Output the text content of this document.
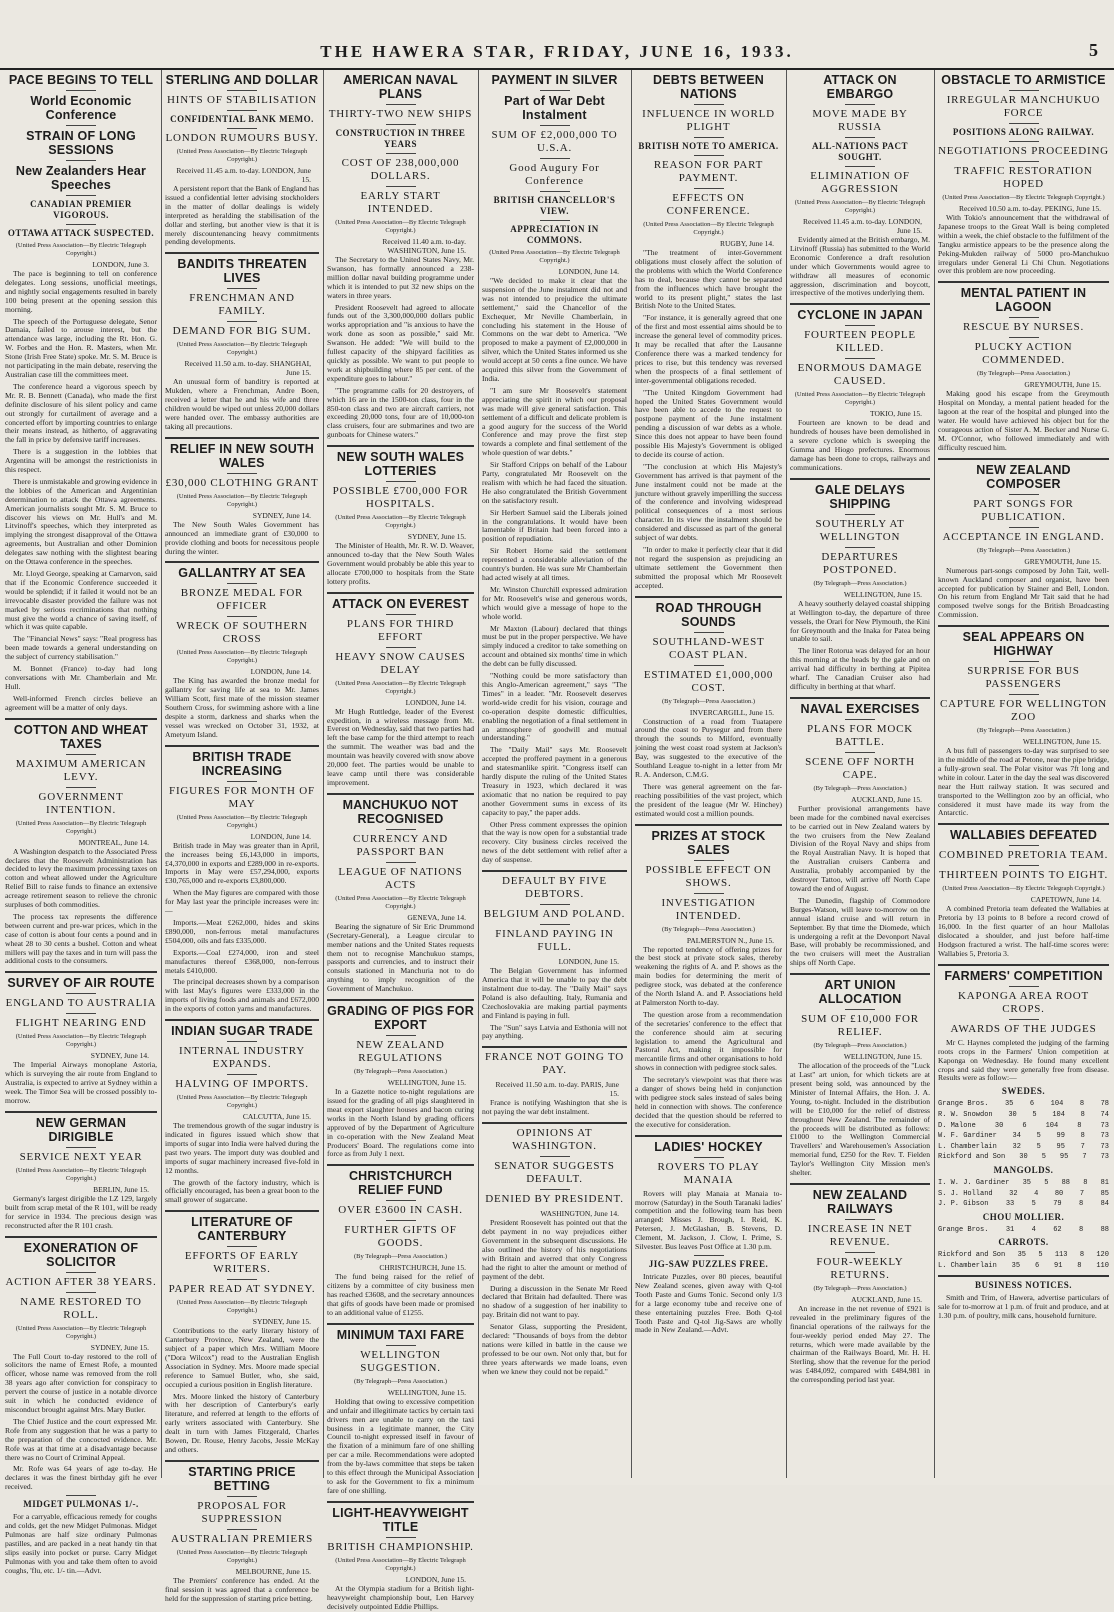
THE HAWERA STAR, FRIDAY, JUNE 16, 1933.	5
PACE BEGINS TO TELL
World Economic Conference
STRAIN OF LONG SESSIONS
New Zealanders Hear Speeches
CANADIAN PREMIER VIGOROUS.
OTTAWA ATTACK SUSPECTED.
(United Press Association—By Electric Telegraph Copyright.)
LONDON, June 3.
The pace is beginning to tell on conference delegates. Long sessions, unofficial meetings, and nightly social engagements resulted in barely 100 being present at the opening session this morning.
The speech of the Portuguese delegate, Senor Damaia, failed to arouse interest, but the attendance was large, including the Rt. Hon. G. W. Forbes and the Hon. R. Masters, when Mr. Stone (Irish Free State) spoke. Mr. S. M. Bruce is not participating in the main debate, reserving the Australian case till the committees meet.
The conference heard a vigorous speech by Mr. R. B. Bennett (Canada), who made the first definite disclosure of his silent policy and came out strongly for curtailment of average and a concerted effort by importing countries to enlarge their means instead, as hitherto, of aggravating the fall in price by defensive tariff increases.
There is a suggestion in the lobbies that Argentina will be amongst the restrictionists in this respect.
There is unmistakable and growing evidence in the lobbies of the American and Argentinian determination to attack the Ottawa agreements. American journalists sought Mr. S. M. Bruce to discover his views on Mr. Hull's and M. Litvinoff's speeches, which they interpreted as implying the strongest disapproval of the Ottawa agreements, but Australian and other Dominion delegates saw nothing with the slightest bearing on the Ottawa conference in the speeches.
Mr. Lloyd George, speaking at Carnarvon, said that if the Economic Conference succeeded it would be splendid; if it failed it would not be an irrevocable disaster provided the failure was not marked by serious recriminations that nothing must give the world a chance of saving itself, of which it was quite capable.
The "Financial News" says: "Real progress has been made towards a general understanding on the subject of currency stabilisation."
M. Bonnet (France) to-day had long conversations with Mr. Chamberlain and Mr. Hull.
Well-informed French circles believe an agreement will be a matter of only days.
COTTON AND WHEAT TAXES
MAXIMUM AMERICAN LEVY.
GOVERNMENT INTENTION.
(United Press Association—By Electric Telegraph Copyright.)
MONTREAL, June 14.
A Washington despatch to the Associated Press declares that the Roosevelt Administration has decided to levy the maximum processing taxes on cotton and wheat allowed under the Agriculture Relief Bill to raise funds to finance an extensive acreage retirement season to relieve the chronic surpluses of both commodities.
The process tax represents the difference between current and pre-war prices, which in the case of cotton is about four cents a pound and in wheat 28 to 30 cents a bushel. Cotton and wheat millers will pay the taxes and in turn will pass the additional costs to the consumers.
SURVEY OF AIR ROUTE
ENGLAND TO AUSTRALIA
FLIGHT NEARING END
(United Press Association—By Electric Telegraph Copyright.)
SYDNEY, June 14.
The Imperial Airways monoplane Astoria, which is surveying the air route from England to Australia, is expected to arrive at Sydney within a week. The Timor Sea will be crossed possibly to-morrow.
NEW GERMAN DIRIGIBLE
SERVICE NEXT YEAR
(United Press Association—By Electric Telegraph Copyright.)
BERLIN, June 15.
Germany's largest dirigible the LZ 129, largely built from scrap metal of the R 101, will be ready for service in 1934. The precious design was reconstructed after the R 101 crash.
EXONERATION OF SOLICITOR
ACTION AFTER 38 YEARS.
NAME RESTORED TO ROLL.
(United Press Association—By Electric Telegraph Copyright.)
SYDNEY, June 15.
The Full Court to-day restored to the roll of solicitors the name of Ernest Rofe, a mounted officer, whose name was removed from the roll 38 years ago after conviction for conspiracy to pervert the course of justice in a notable divorce suit in which he conducted evidence of misconduct brought against Mrs. Mary Butler.
The Chief Justice and the court expressed Mr. Rofe from any suggestion that he was a party to the preparation of the concocted evidence. Mr. Rofe was at that time at a disadvantage because there was no Court of Criminal Appeal.
Mr. Rofe was 64 years of age to-day. He declares it was the finest birthday gift he ever received.
MIDGET PULMONAS 1/-.
For a carryable, efficacious remedy for coughs and colds, get the new Midget Pulmonas. Midget Pulmonas are half size ordinary Pulmonas pastilles, and are packed in a neat handy tin that slips easily into pocket or purse. Carry Midget Pulmonas with you and take them often to avoid coughs, 'flu, etc. 1/- tin.—Advt.
STERLING AND DOLLAR
HINTS OF STABILISATION
CONFIDENTIAL BANK MEMO.
LONDON RUMOURS BUSY.
(United Press Association—By Electric Telegraph Copyright.)
Received 11.45 a.m. to-day. LONDON, June 15.
A persistent report that the Bank of England has issued a confidential letter advising stockholders in the matter of dollar dealings is widely interpreted as heralding the stabilisation of the dollar and sterling, but another view is that it is merely discountenancing heavy commitments pending developments.
BANDITS THREATEN LIVES
FRENCHMAN AND FAMILY.
DEMAND FOR BIG SUM.
(United Press Association—By Electric Telegraph Copyright.)
Received 11.50 a.m. to-day. SHANGHAI, June 15.
An unusual form of banditry is reported at Mukden, where a Frenchman, Andre Boen, received a letter that he and his wife and three children would be wiped out unless 20,000 dollars were handed over. The embassy authorities are taking all precautions.
RELIEF IN NEW SOUTH WALES
£30,000 CLOTHING GRANT
(United Press Association—By Electric Telegraph Copyright.)
SYDNEY, June 14.
The New South Wales Government has announced an immediate grant of £30,000 to provide clothing and boots for necessitous people during the winter.
GALLANTRY AT SEA
BRONZE MEDAL FOR OFFICER
WRECK OF SOUTHERN CROSS
(United Press Association—By Electric Telegraph Copyright.)
LONDON, June 14.
The King has awarded the bronze medal for gallantry for saving life at sea to Mr. James William Scott, first mate of the mission steamer Southern Cross, for swimming ashore with a line despite a storm, darkness and sharks when the vessel was wrecked on October 31, 1932, at Ametyum Island.
BRITISH TRADE INCREASING
FIGURES FOR MONTH OF MAY
(United Press Association—By Electric Telegraph Copyright.)
LONDON, June 14.
British trade in May was greater than in April, the increases being £6,143,000 in imports, £4,370,000 in exports and £289,000 in re-exports. Imports in May were £57,294,000, exports £30,765,000 and re-exports £3,800,000.
When the May figures are compared with those for May last year the principle increases were in:—
Imports.—Meat £262,000, hides and skins £890,000, non-ferrous metal manufactures £504,000, oils and fats £335,000.
Exports.—Coal £274,000, iron and steel manufactures thereof £368,000, non-ferrous metals £410,000.
The principal decreases shown by a comparison with last May's figures were £333,000 in the imports of living foods and animals and £672,000 in the exports of cotton yarns and manufactures.
INDIAN SUGAR TRADE
INTERNAL INDUSTRY EXPANDS.
HALVING OF IMPORTS.
(United Press Association—By Electric Telegraph Copyright.)
CALCUTTA, June 15.
The tremendous growth of the sugar industry is indicated in figures issued which show that imports of sugar into India were halved during the past two years. The import duty was doubled and imports of sugar machinery increased five-fold in 12 months.
The growth of the factory industry, which is officially encouraged, has been a great boon to the small grower of sugarcane.
LITERATURE OF CANTERBURY
EFFORTS OF EARLY WRITERS.
PAPER READ AT SYDNEY.
(United Press Association—By Electric Telegraph Copyright.)
SYDNEY, June 15.
Contributions to the early literary history of Canterbury Province, New Zealand, were the subject of a paper which Mrs. William Moore ("Dora Wilcox") read to the Australian English Association in Sydney. Mrs. Moore made special reference to Samuel Butler, who, she said, occupied a curious position in English literature.
Mrs. Moore linked the history of Canterbury with her description of Canterbury's early literature, and referred at length to the efforts of early writers associated with Canterbury. She dealt in turn with James Fitzgerald, Charles Bowen, Dr. Rouse, Henry Jacobs, Jessie McKay and others.
STARTING PRICE BETTING
PROPOSAL FOR SUPPRESSION
AUSTRALIAN PREMIERS
(United Press Association—By Electric Telegraph Copyright.)
MELBOURNE, June 15.
The Premiers' conference has ended. At the final session it was agreed that a conference be held for the suppression of starting price betting.
AMERICAN NAVAL PLANS
THIRTY-TWO NEW SHIPS
CONSTRUCTION IN THREE YEARS
COST OF 238,000,000 DOLLARS.
EARLY START INTENDED.
(United Press Association—By Electric Telegraph Copyright.)
Received 11.40 a.m. to-day. WASHINGTON, June 15.
The Secretary to the United States Navy, Mr. Swanson, has formally announced a 238-million dollar naval building programme under which it is intended to put 32 new ships on the waters in three years.
President Roosevelt had agreed to allocate funds out of the 3,300,000,000 dollars public works appropriation and "is anxious to have the work done as soon as possible," said Mr. Swanson. He added: "We will build to the fullest capacity of the shipyard facilities as quickly as possible. We want to put people to work at shipbuilding where 85 per cent. of the expenditure goes to labour."
"The programme calls for 20 destroyers, of which 16 are in the 1500-ton class, four in the 850-ton class and two are aircraft carriers, not exceeding 20,000 tons, four are of 10,000-ton class cruisers, four are submarines and two are gunboats for Chinese waters."
NEW SOUTH WALES LOTTERIES
POSSIBLE £700,000 FOR HOSPITALS.
(United Press Association—By Electric Telegraph Copyright.)
SYDNEY, June 15.
The Minister of Health, Mr. R. W. D. Weaver, announced to-day that the New South Wales Government would probably be able this year to allocate £700,000 to hospitals from the State lottery profits.
ATTACK ON EVEREST
PLANS FOR THIRD EFFORT
HEAVY SNOW CAUSES DELAY
(United Press Association—By Electric Telegraph Copyright.)
LONDON, June 14.
Mr Hugh Ruttledge, leader of the Everest expedition, in a wireless message from Mt. Everest on Wednesday, said that two parties had left the base camp for the third attempt to reach the summit. The weather was bad and the mountain was heavily covered with snow above 20,000 feet. The parties would be unable to leave camp until there was considerable improvement.
MANCHUKUO NOT RECOGNISED
CURRENCY AND PASSPORT BAN
LEAGUE OF NATIONS ACTS
(United Press Association—By Electric Telegraph Copyright.)
GENEVA, June 14.
Bearing the signature of Sir Eric Drummond (Secretary-General), a League circular to member nations and the United States requests them not to recognise Manchukuo stamps, passports and currencies, and to instruct their consuls stationed in Manchuria not to do anything to imply recognition of the Government of Manchukuo.
GRADING OF PIGS FOR EXPORT
NEW ZEALAND REGULATIONS
(By Telegraph—Press Association.)
WELLINGTON, June 15.
In a Gazette notice to-night regulations are issued for the grading of all pigs slaughtered in meat export slaughter houses and bacon curing works in the North Island by grading officers approved of by the Department of Agriculture in co-operation with the New Zealand Meat Producers' Board. The regulations come into force as from July 1 next.
CHRISTCHURCH RELIEF FUND
OVER £3600 IN CASH.
FURTHER GIFTS OF GOODS.
(By Telegraph—Press Association.)
CHRISTCHURCH, June 15.
The fund being raised for the relief of citizens by a committee of city business men has reached £3608, and the secretary announces that gifts of goods have been made or promised to an additional value of £1255.
MINIMUM TAXI FARE
WELLINGTON SUGGESTION.
(By Telegraph—Press Association.)
WELLINGTON, June 15.
Holding that owing to excessive competition and unfair and illegitimate tactics by certain taxi drivers men are unable to carry on the taxi business in a legitimate manner, the City Council to-night expressed itself in favour of the fixation of a minimum fare of one shilling per car a mile. Recommendations were adopted from the by-laws committee that steps be taken to this effect through the Municipal Association to ask for the Government to fix a minimum fare of one shilling.
LIGHT-HEAVYWEIGHT TITLE
BRITISH CHAMPIONSHIP.
(United Press Association—By Electric Telegraph Copyright.)
LONDON, June 15.
At the Olympia stadium for a British light-heavyweight championship bout, Len Harvey decisively outpointed Eddie Phillips.
PAYMENT IN SILVER
Part of War Debt Instalment
SUM OF £2,000,000 TO U.S.A.
Good Augury For Conference
BRITISH CHANCELLOR'S VIEW.
APPRECIATION IN COMMONS.
(United Press Association—By Electric Telegraph Copyright.)
LONDON, June 14.
"We decided to make it clear that the suspension of the June instalment did not and was not intended to prejudice the ultimate settlement," said the Chancellor of the Exchequer, Mr Neville Chamberlain, in concluding his statement in the House of Commons on the war debt to America. "We proposed to make a payment of £2,000,000 in silver, which the United States informed us she would accept at 50 cents a fine ounce. We have acquired this silver from the Government of India.
"I am sure Mr Roosevelt's statement appreciating the spirit in which our proposal was made will give general satisfaction. This settlement of a difficult and delicate problem is a good augury for the success of the World Conference and may prove the first step towards a complete and final settlement of the whole question of war debts."
Sir Stafford Cripps on behalf of the Labour Party, congratulated Mr Roosevelt on the realism with which he had faced the situation. He also congratulated the British Government on the satisfactory result.
Sir Herbert Samuel said the Liberals joined in the congratulations. It would have been lamentable if Britain had been forced into a position of repudiation.
Sir Robert Horne said the settlement represented a considerable alleviation of the country's burden. He was sure Mr Chamberlain had acted wisely at all times.
Mr. Winston Churchill expressed admiration for Mr. Roosevelt's wise and generous words, which would give a message of hope to the whole world.
Mr Maxton (Labour) declared that things must be put in the proper perspective. We have simply induced a creditor to take something on account and obtained six months' time in which the debt can be fully discussed.
"Nothing could be more satisfactory than this Anglo-American agreement," says "The Times" in a leader. "Mr. Roosevelt deserves world-wide credit for his vision, courage and co-operation despite domestic difficulties, enabling the negotiation of a final settlement in an atmosphere of goodwill and mutual understanding."
The "Daily Mail" says Mr. Roosevelt accepted the proffered payment in a generous and statesmanlike spirit. "Congress itself can hardly dispute the ruling of the United States Treasury in 1923, which declared it was axiomatic that no nation be required to pay another Government sums in excess of its capacity to pay," the paper adds.
Other Press comment expresses the opinion that the way is now open for a substantial trade recovery. City business circles received the news of the debt settlement with relief after a day of suspense.
DEFAULT BY FIVE DEBTORS.
BELGIUM AND POLAND.
FINLAND PAYING IN FULL.
LONDON, June 15.
The Belgian Government has informed America that it will be unable to pay the debt instalment due to-day. The "Daily Mail" says Poland is also defaulting. Italy, Rumania and Czechoslovakia are making partial payments and Finland is paying in full.
The "Sun" says Latvia and Esthonia will not pay anything.
FRANCE NOT GOING TO PAY.
Received 11.50 a.m. to-day. PARIS, June 15.
France is notifying Washington that she is not paying the war debt instalment.
OPINIONS AT WASHINGTON.
SENATOR SUGGESTS DEFAULT.
DENIED BY PRESIDENT.
WASHINGTON, June 14.
President Roosevelt has pointed out that the debt payment in no way prejudices either Government in the subsequent discussions. He also outlined the history of his negotiations with Britain and averred that only Congress had the right to alter the amount or method of payment of the debt.
During a discussion in the Senate Mr Reed declared that Britain had defaulted. There was no shadow of a suggestion of her inability to pay. Britain did not want to pay.
Senator Glass, supporting the President, declared: "Thousands of boys from the debtor nations were killed in battle in the cause we professed to be our own. Not only that, but for three years afterwards we made loans, even when we knew they could not be repaid."
DEBTS BETWEEN NATIONS
INFLUENCE IN WORLD PLIGHT
BRITISH NOTE TO AMERICA.
REASON FOR PART PAYMENT.
EFFECTS ON CONFERENCE.
(United Press Association—By Electric Telegraph Copyright.)
RUGBY, June 14.
"The treatment of inter-Government obligations must closely affect the solution of the problems with which the World Conference has to deal, because they cannot be separated from the influences which have brought the world to its present plight," states the last British Note to the United States.
"For instance, it is generally agreed that one of the first and most essential aims should be to increase the general level of commodity prices. It may be recalled that after the Lausanne Conference there was a marked tendency for prices to rise, but this tendency was reversed when the prospects of a final settlement of inter-governmental obligations receded.
"The United Kingdom Government had hoped the United States Government would have been able to accede to the request to postpone payment of the June instalment pending a discussion of war debts as a whole. Since this does not appear to have been found possible His Majesty's Government is obliged to decide its course of action.
"The conclusion at which His Majesty's Government has arrived is that payment of the June instalment could not be made at the juncture without gravely imperilling the success of the conference and involving widespread political consequences of a most serious character. In its view the instalment should be considered and discussed as part of the general subject of war debts.
"In order to make it perfectly clear that it did not regard the suspension as prejudicing an ultimate settlement the Government then submitted the proposal which Mr Roosevelt accepted.
ROAD THROUGH SOUNDS
SOUTHLAND-WEST COAST PLAN.
ESTIMATED £1,000,000 COST.
(By Telegraph—Press Association.)
INVERCARGILL, June 15.
Construction of a road from Tuatapere around the coast to Puysegur and from there through the sounds to Milford, eventually joining the west coast road system at Jackson's Bay, was suggested to the executive of the Southland League to-night in a letter from Mr R. A. Anderson, C.M.G.
There was general agreement on the far-reaching possibilities of the vast project, which the president of the league (Mr W. Hinchey) estimated would cost a million pounds.
PRIZES AT STOCK SALES
POSSIBLE EFFECT ON SHOWS.
INVESTIGATION INTENDED.
(By Telegraph—Press Association.)
PALMERSTON N., June 15.
The reported tendency of offering prizes for the best stock at private stock sales, thereby weakening the rights of A. and P. shows as the main bodies for determining the merit of pedigree stock, was debated at the conference of the North Island A. and P. Associations held at Palmerston North to-day.
The question arose from a recommendation of the secretaries' conference to the effect that the conference should aim at securing legislation to amend the Agricultural and Pastoral Act, making it impossible for mercantile firms and other organisations to hold shows in connection with pedigree stock sales.
The secretary's viewpoint was that there was a danger of shows being held in conjunction with pedigree stock sales instead of sales being held in connection with shows. The conference decided that the question should be referred to the executive for consideration.
LADIES' HOCKEY
ROVERS TO PLAY MANAIA
Rovers will play Manaia at Manaia to-morrow (Saturday) in the South Taranaki ladies' competition and the following team has been arranged: Misses J. Brough, I. Reid, K. Petersen, J. McGlashan, B. Stevens, D. Clement, M. Jackson, J. Clow, I. Prime, S. Silvester. Bus leaves Post Office at 1.30 p.m.
JIG-SAW PUZZLES FREE.
Intricate Puzzles, over 80 pieces, beautiful New Zealand scenes, given away with Q-tol Tooth Paste and Gums Tonic. Second only 1/3 for a large economy tube and receive one of these entertaining puzzles Free. Both Q-tol Tooth Paste and Q-tol Jig-Saws are wholly made in New Zealand.—Advt.
ATTACK ON EMBARGO
MOVE MADE BY RUSSIA
ALL-NATIONS PACT SOUGHT.
ELIMINATION OF AGGRESSION
(United Press Association—By Electric Telegraph Copyright.)
Received 11.45 a.m. to-day. LONDON, June 15.
Evidently aimed at the British embargo, M. Litvinoff (Russia) has submitted to the World Economic Conference a draft resolution under which Governments would agree to withdraw all measures of economic aggression, discrimination and boycott, irrespective of the motives underlying them.
CYCLONE IN JAPAN
FOURTEEN PEOPLE KILLED.
ENORMOUS DAMAGE CAUSED.
(United Press Association—By Electric Telegraph Copyright.)
TOKIO, June 15.
Fourteen are known to be dead and hundreds of houses have been demolished in a severe cyclone which is sweeping the Gumma and Hiogo prefectures. Enormous damage has been done to crops, railways and communications.
GALE DELAYS SHIPPING
SOUTHERLY AT WELLINGTON
DEPARTURES POSTPONED.
(By Telegraph—Press Association.)
WELLINGTON, June 15.
A heavy southerly delayed coastal shipping at Wellington to-day, the departure of three vessels, the Orari for New Plymouth, the Kini for Greymouth and the Inaka for Patea being unable to sail.
The liner Rotorua was delayed for an hour this morning at the heads by the gale and on arrival had difficulty in berthing at Pipitea wharf. The Canadian Cruiser also had difficulty in berthing at that wharf.
NAVAL EXERCISES
PLANS FOR MOCK BATTLE.
SCENE OFF NORTH CAPE.
(By Telegraph—Press Association.)
AUCKLAND, June 15.
Further provisional arrangements have been made for the combined naval exercises to be carried out in New Zealand waters by the two cruisers from the New Zealand Division of the Royal Navy and ships from the Royal Australian Navy. It is hoped that the Australian cruisers Canberra and Australia, probably accompanied by the destroyer Tattoo, will arrive off North Cape toward the end of August.
The Dunedin, flagship of Commodore Burges-Watson, will leave to-morrow on the annual island cruise and will return in September. By that time the Diomede, which is undergoing a refit at the Devonport Naval Base, will probably be recommissioned, and the two cruisers will meet the Australian ships off North Cape.
ART UNION ALLOCATION
SUM OF £10,000 FOR RELIEF.
(By Telegraph—Press Association.)
WELLINGTON, June 15.
The allocation of the proceeds of the "Luck at Last" art union, for which tickets are at present being sold, was announced by the Minister of Internal Affairs, the Hon. J. A. Young, to-night. Included in the distribution will be £10,000 for the relief of distress throughout New Zealand. The remainder of the proceeds will be distributed as follows: £1000 to the Wellington Commercial Travellers' and Warehousemen's Association memorial fund, £250 for the Rev. T. Fielden Taylor's Wellington City Mission men's shelter.
NEW ZEALAND RAILWAYS
INCREASE IN NET REVENUE.
FOUR-WEEKLY RETURNS.
(By Telegraph—Press Association.)
AUCKLAND, June 15.
An increase in the net revenue of £921 is revealed in the preliminary figures of the financial operations of the railways for the four-weekly period ended May 27. The returns, which were made available by the chairman of the Railways Board, Mr. H. H. Sterling, show that the revenue for the period was £484,092, compared with £484,981 in the corresponding period last year.
OBSTACLE TO ARMISTICE
IRREGULAR MANCHUKUO FORCE
POSITIONS ALONG RAILWAY.
NEGOTIATIONS PROCEEDING
TRAFFIC RESTORATION HOPED
(United Press Association—By Electric Telegraph Copyright.)
Received 10.50 a.m. to-day. PEKING, June 15.
With Tokio's announcement that the withdrawal of Japanese troops to the Great Wall is being completed within a week, the chief obstacle to the fulfilment of the Tangku armistice appears to be the presence along the Peking-Mukden railway of 5000 pro-Manchukuo irregulars under General Li Chi Chun. Negotiations over this problem are now proceeding.
MENTAL PATIENT IN LAGOON
RESCUE BY NURSES.
PLUCKY ACTION COMMENDED.
(By Telegraph—Press Association.)
GREYMOUTH, June 15.
Making good his escape from the Greymouth Hospital on Monday, a mental patient headed for the lagoon at the rear of the hospital and plunged into the water. He would have achieved his object but for the courageous action of Sister A. M. Becker and Nurse G. M. O'Connor, who followed immediately and with difficulty rescued him.
NEW ZEALAND COMPOSER
PART SONGS FOR PUBLICATION.
ACCEPTANCE IN ENGLAND.
(By Telegraph—Press Association.)
GREYMOUTH, June 15.
Numerous part-songs composed by John Tait, well-known Auckland composer and organist, have been accepted for publication by Stainer and Bell, London. On his return from England Mr Tait said that he had composed twelve songs for the British Broadcasting Commission.
SEAL APPEARS ON HIGHWAY
SURPRISE FOR BUS PASSENGERS
CAPTURE FOR WELLINGTON ZOO
(By Telegraph—Press Association.)
WELLINGTON, June 15.
A bus full of passengers to-day was surprised to see in the middle of the road at Petone, near the pipe bridge, a fully-grown seal. The Polar visitor was 7ft long and white in colour. Later in the day the seal was discovered near the Hutt railway station. It was secured and transported to the Wellington zoo by an official, who considered it must have made its way from the Antarctic.
WALLABIES DEFEATED
COMBINED PRETORIA TEAM.
THIRTEEN POINTS TO EIGHT.
(United Press Association—By Electric Telegraph Copyright.)
CAPETOWN, June 14.
A combined Pretoria team defeated the Wallabies at Pretoria by 13 points to 8 before a record crowd of 16,000. In the first quarter of an hour Mallolas dislocated a shoulder, and just before half-time Hodgson fractured a wrist. The half-time scores were: Wallabies 5, Pretoria 3.
FARMERS' COMPETITION
KAPONGA AREA ROOT CROPS.
AWARDS OF THE JUDGES
Mr C. Haynes completed the judging of the farming roots crops in the Farmers' Union competition at Kaponga on Wednesday. He found many excellent crops and said they were generally free from disease. Results were as follow:—
SWEDES.
Grange Bros. 35 6 104 8 78
R. W. Snowdon 30 5 104 8 74
D. Malone	30	6	104	8	73
W. F. Gardiner 34 5 99 8 73
L. Chamberlain 32 5 95 7 73
Rickford and Son 30 5 95 7 73
MANGOLDS.
I. W. J. Gardiner 35 5 88 8 81
S. J. Holland 32 4 80 7 85
J. P. Gibson 33 5 79 8 84
CHOU MOLLIER.
Grange Bros. 31 4 62 8 88
CARROTS.
Rickford and Son 35 5 113 8 120
L. Chamberlain 35 6 91 8 110
BUSINESS NOTICES.
Smith and Trim, of Hawera, advertise particulars of sale for to-morrow at 1 p.m. of fruit and produce, and at 1.30 p.m. of poultry, milk cans, household furniture.
